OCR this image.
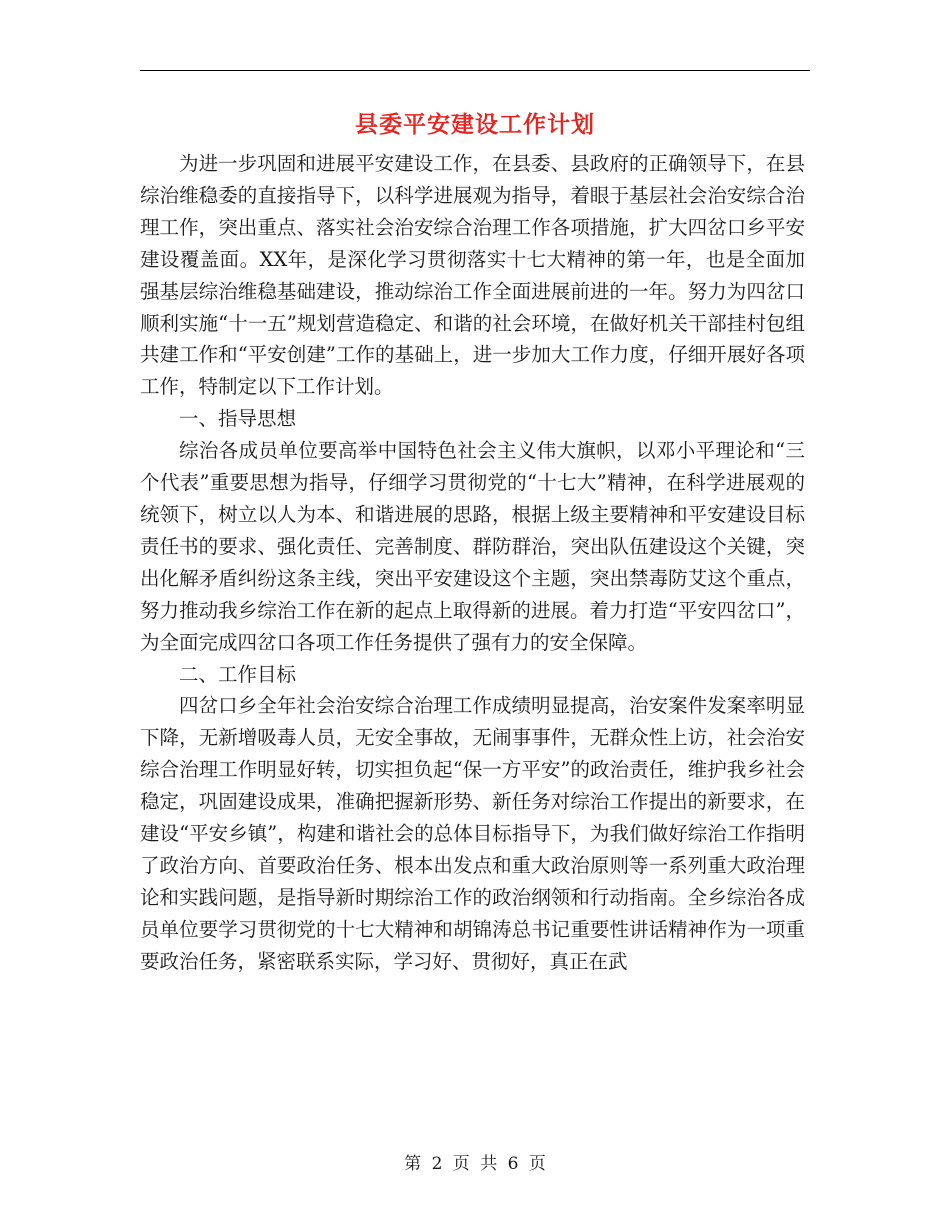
县委平安建设工作计划

为进一步巩固和进展平安建设工作，在县委、县政府的正确领导下，在县综治维稳委的直接指导下，以科学进展观为指导，着眼于基层社会治安综合治理工作，突出重点、落实社会治安综合治理工作各项措施，扩大四岔口乡平安建设覆盖面。XX年，是深化学习贯彻落实十七大精神的第一年，也是全面加强基层综治维稳基础建设，推动综治工作全面进展前进的一年。努力为四岔口顺利实施“十一五”规划营造稳定、和谐的社会环境，在做好机关干部挂村包组共建工作和“平安创建”工作的基础上，进一步加大工作力度，仔细开展好各项工作，特制定以下工作计划。

一、指导思想

综治各成员单位要高举中国特色社会主义伟大旗帜，以邓小平理论和“三个代表”重要思想为指导，仔细学习贯彻党的“十七大”精神，在科学进展观的统领下，树立以人为本、和谐进展的思路，根据上级主要精神和平安建设目标责任书的要求、强化责任、完善制度、群防群治，突出队伍建设这个关键，突出化解矛盾纠纷这条主线，突出平安建设这个主题，突出禁毒防艾这个重点，努力推动我乡综治工作在新的起点上取得新的进展。着力打造“平安四岔口”，为全面完成四岔口各项工作任务提供了强有力的安全保障。

二、工作目标

四岔口乡全年社会治安综合治理工作成绩明显提高，治安案件发案率明显下降，无新增吸毒人员，无安全事故，无闹事事件，无群众性上访，社会治安综合治理工作明显好转，切实担负起“保一方平安”的政治责任，维护我乡社会稳定，巩固建设成果，准确把握新形势、新任务对综治工作提出的新要求，在建设“平安乡镇”，构建和谐社会的总体目标指导下，为我们做好综治工作指明了政治方向、首要政治任务、根本出发点和重大政治原则等一系列重大政治理论和实践问题，是指导新时期综治工作的政治纲领和行动指南。全乡综治各成员单位要学习贯彻党的十七大精神和胡锦涛总书记重要性讲话精神作为一项重要政治任务，紧密联系实际，学习好、贯彻好，真正在武

第 2 页 共 6 页
